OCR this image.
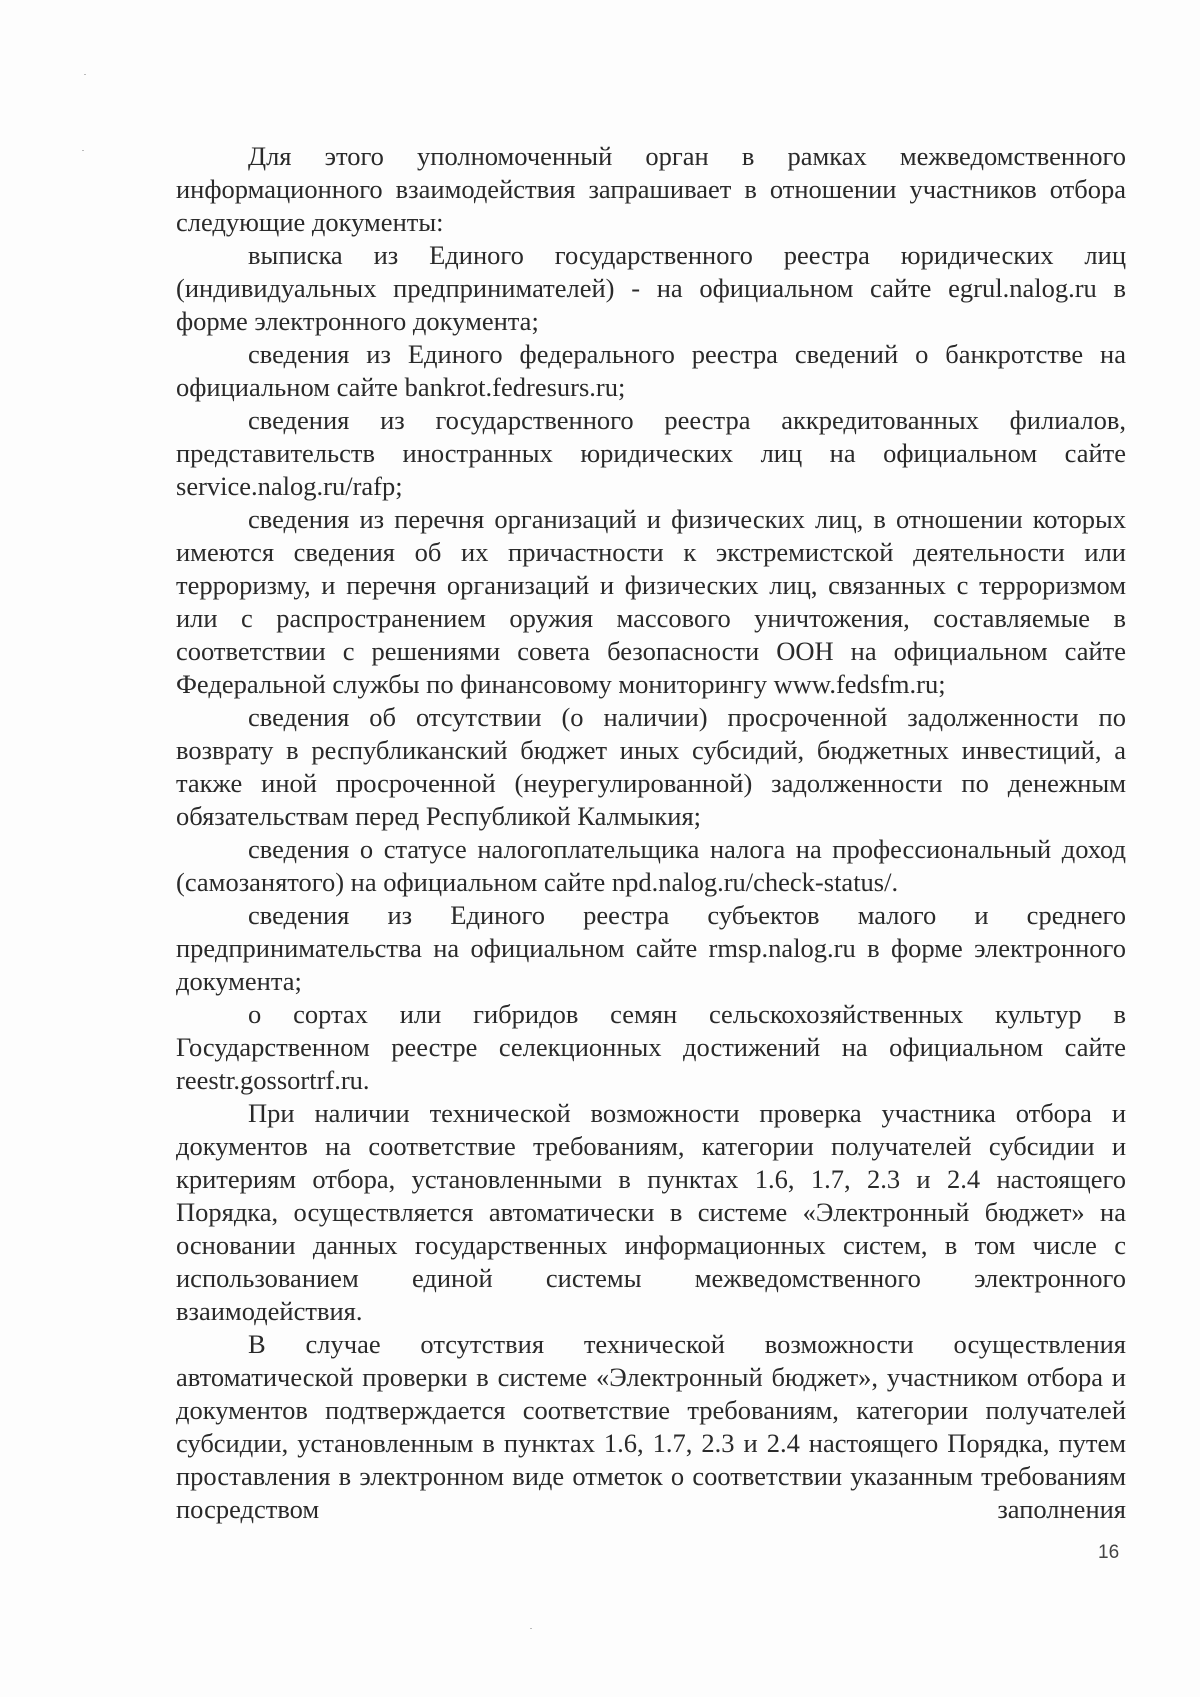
Для этого уполномоченный орган в рамках межведомственного информационного взаимодействия запрашивает в отношении участников отбора следующие документы:

выписка из Единого государственного реестра юридических лиц (индивидуальных предпринимателей) - на официальном сайте egrul.nalog.ru в форме электронного документа;

сведения из Единого федерального реестра сведений о банкротстве на официальном сайте bankrot.fedresurs.ru;

сведения из государственного реестра аккредитованных филиалов, представительств иностранных юридических лиц на официальном сайте service.nalog.ru/rafp;

сведения из перечня организаций и физических лиц, в отношении которых имеются сведения об их причастности к экстремистской деятельности или терроризму, и перечня организаций и физических лиц, связанных с терроризмом или с распространением оружия массового уничтожения, составляемые в соответствии с решениями совета безопасности ООН на официальном сайте Федеральной службы по финансовому мониторингу www.fedsfm.ru;

сведения об отсутствии (о наличии) просроченной задолженности по возврату в республиканский бюджет иных субсидий, бюджетных инвестиций, а также иной просроченной (неурегулированной) задолженности по денежным обязательствам перед Республикой Калмыкия;

сведения о статусе налогоплательщика налога на профессиональный доход (самозанятого) на официальном сайте npd.nalog.ru/check-status/.

сведения из Единого реестра субъектов малого и среднего предпринимательства на официальном сайте rmsp.nalog.ru в форме электронного документа;

о сортах или гибридов семян сельскохозяйственных культур в Государственном реестре селекционных достижений на официальном сайте reestr.gossortrf.ru.

При наличии технической возможности проверка участника отбора и документов на соответствие требованиям, категории получателей субсидии и критериям отбора, установленными в пунктах 1.6, 1.7, 2.3 и 2.4 настоящего Порядка, осуществляется автоматически в системе «Электронный бюджет» на основании данных государственных информационных систем, в том числе с использованием единой системы межведомственного электронного взаимодействия.

В случае отсутствия технической возможности осуществления автоматической проверки в системе «Электронный бюджет», участником отбора и документов подтверждается соответствие требованиям, категории получателей субсидии, установленным в пунктах 1.6, 1.7, 2.3 и 2.4 настоящего Порядка, путем проставления в электронном виде отметок о соответствии указанным требованиям посредством заполнения

16
